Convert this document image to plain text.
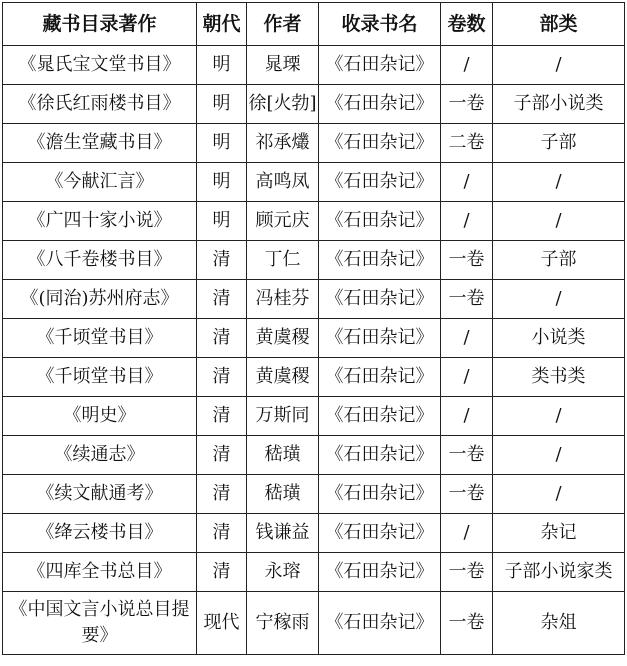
藏书目录著作	朝代	作者	收录书名	卷数	部类
《晁氏宝文堂书目》	明	晁瑮	《石田杂记》	/	/
《徐氏红雨楼书目》	明	徐[火勃]	《石田杂记》	一卷	子部小说类
《澹生堂藏书目》	明	祁承爜	《石田杂记》	二卷	子部
《今献汇言》	明	高鸣凤	《石田杂记》	/	/
《广四十家小说》	明	顾元庆	《石田杂记》	/	/
《八千卷楼书目》	清	丁仁	《石田杂记》	一卷	子部
《(同治)苏州府志》	清	冯桂芬	《石田杂记》	一卷	/
《千顷堂书目》	清	黄虞稷	《石田杂记》	/	小说类
《千顷堂书目》	清	黄虞稷	《石田杂记》	/	类书类
《明史》	清	万斯同	《石田杂记》	/	/
《续通志》	清	嵇璜	《石田杂记》	一卷	/
《续文献通考》	清	嵇璜	《石田杂记》	一卷	/
《绛云楼书目》	清	钱谦益	《石田杂记》	/	杂记
《四库全书总目》	清	永瑢	《石田杂记》	一卷	子部小说家类
《中国文言小说总目提要》	现代	宁稼雨	《石田杂记》	一卷	杂俎
